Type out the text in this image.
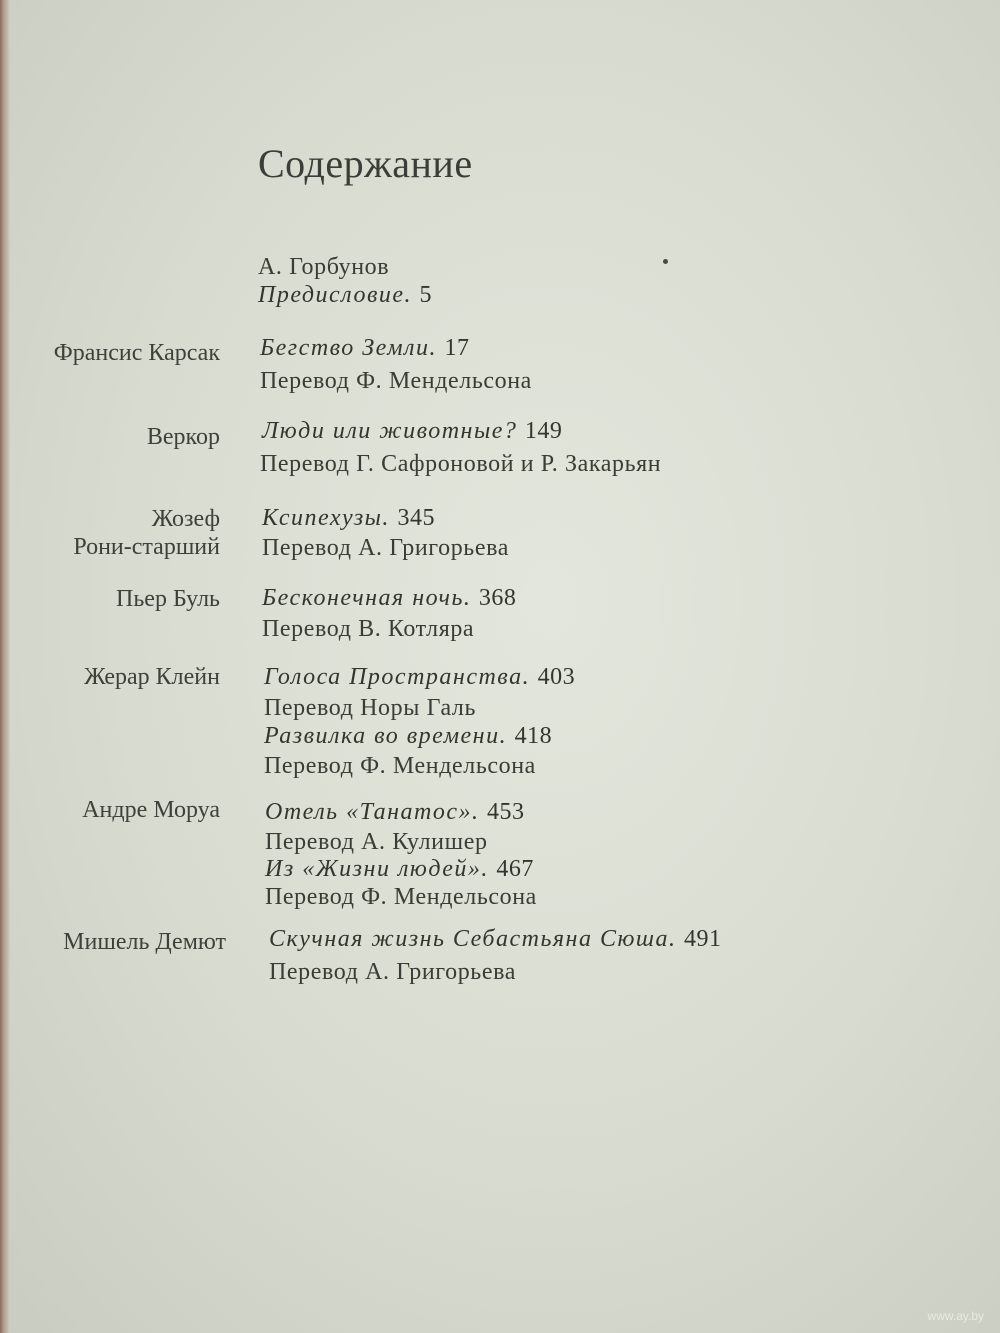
Содержание
А. Горбунов
Предисловие. 5
Франсис Карсак Бегство Земли. 17
Перевод Ф. Мендельсона
Веркор Люди или животные? 149
Перевод Г. Сафроновой и Р. Закарьян
Жозеф
Рони-старший
Ксипехузы. 345
Перевод А. Григорьева
Пьер Буль Бесконечная ночь. 368
Перевод В. Котляра
Жерар Клейн Голоса Пространства. 403
Перевод Норы Галь
Развилка во времени. 418
Перевод Ф. Мендельсона
Андре Моруа Отель «Танатос». 453
Перевод А. Кулишер
Из «Жизни людей». 467
Перевод Ф. Мендельсона
Мишель Демют Скучная жизнь Себастьяна Сюша. 491
Перевод А. Григорьева
www.ay.by
